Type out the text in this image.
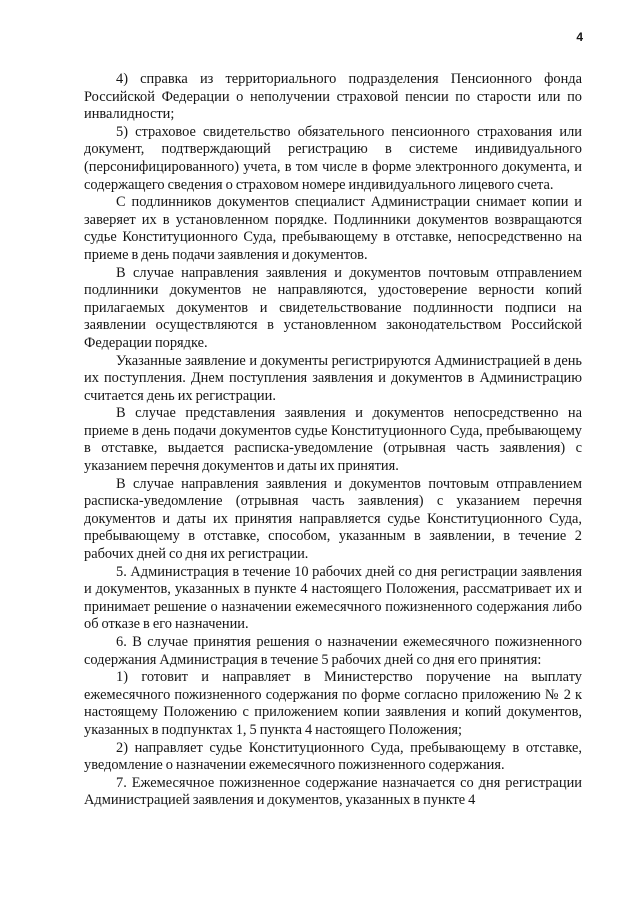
4

4) справка из территориального подразделения Пенсионного фонда Российской Федерации о неполучении страховой пенсии по старости или по инвалидности;

5) страховое свидетельство обязательного пенсионного страхования или документ, подтверждающий регистрацию в системе индивидуального (персонифицированного) учета, в том числе в форме электронного документа, и содержащего сведения о страховом номере индивидуального лицевого счета.

С подлинников документов специалист Администрации снимает копии и заверяет их в установленном порядке. Подлинники документов возвращаются судье Конституционного Суда, пребывающему в отставке, непосредственно на приеме в день подачи заявления и документов.

В случае направления заявления и документов почтовым отправлением подлинники документов не направляются, удостоверение верности копий прилагаемых документов и свидетельствование подлинности подписи на заявлении осуществляются в установленном законодательством Российской Федерации порядке.

Указанные заявление и документы регистрируются Администрацией в день их поступления. Днем поступления заявления и документов в Администрацию считается день их регистрации.

В случае представления заявления и документов непосредственно на приеме в день подачи документов судье Конституционного Суда, пребывающему в отставке, выдается расписка-уведомление (отрывная часть заявления) с указанием перечня документов и даты их принятия.

В случае направления заявления и документов почтовым отправлением расписка-уведомление (отрывная часть заявления) с указанием перечня документов и даты их принятия направляется судье Конституционного Суда, пребывающему в отставке, способом, указанным в заявлении, в течение 2 рабочих дней со дня их регистрации.

5. Администрация в течение 10 рабочих дней со дня регистрации заявления и документов, указанных в пункте 4 настоящего Положения, рассматривает их и принимает решение о назначении ежемесячного пожизненного содержания либо об отказе в его назначении.

6. В случае принятия решения о назначении ежемесячного пожизненного содержания Администрация в течение 5 рабочих дней со дня его принятия:

1) готовит и направляет в Министерство поручение на выплату ежемесячного пожизненного содержания по форме согласно приложению № 2 к настоящему Положению с приложением копии заявления и копий документов, указанных в подпунктах 1, 5 пункта 4 настоящего Положения;

2) направляет судье Конституционного Суда, пребывающему в отставке, уведомление о назначении ежемесячного пожизненного содержания.

7. Ежемесячное пожизненное содержание назначается со дня регистрации Администрацией заявления и документов, указанных в пункте 4
